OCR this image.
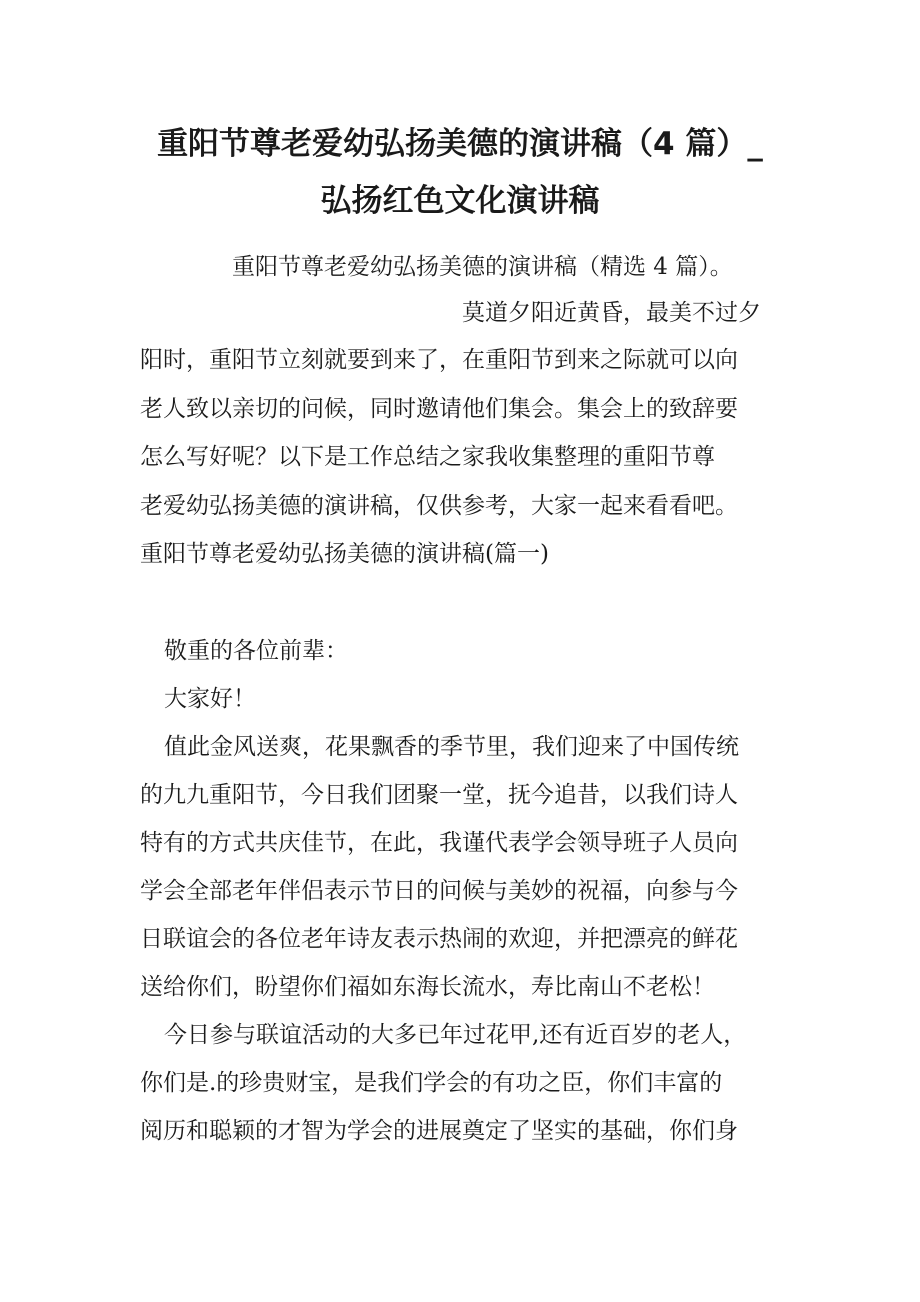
重阳节尊老爱幼弘扬美德的演讲稿（4 篇）_
弘扬红色文化演讲稿

重阳节尊老爱幼弘扬美德的演讲稿（精选 4 篇）。

莫道夕阳近黄昏，最美不过夕

阳时，重阳节立刻就要到来了，在重阳节到来之际就可以向

老人致以亲切的问候，同时邀请他们集会。集会上的致辞要

怎么写好呢？以下是工作总结之家我收集整理的重阳节尊

老爱幼弘扬美德的演讲稿，仅供参考，大家一起来看看吧。

重阳节尊老爱幼弘扬美德的演讲稿(篇一)

敬重的各位前辈：

大家好！

值此金风送爽，花果飘香的季节里，我们迎来了中国传统

的九九重阳节，今日我们团聚一堂，抚今追昔，以我们诗人

特有的方式共庆佳节，在此，我谨代表学会领导班子人员向

学会全部老年伴侣表示节日的问候与美妙的祝福，向参与今

日联谊会的各位老年诗友表示热闹的欢迎，并把漂亮的鲜花

送给你们，盼望你们福如东海长流水，寿比南山不老松！

今日参与联谊活动的大多已年过花甲,还有近百岁的老人，

你们是.的珍贵财宝，是我们学会的有功之臣，你们丰富的

阅历和聪颖的才智为学会的进展奠定了坚实的基础，你们身
